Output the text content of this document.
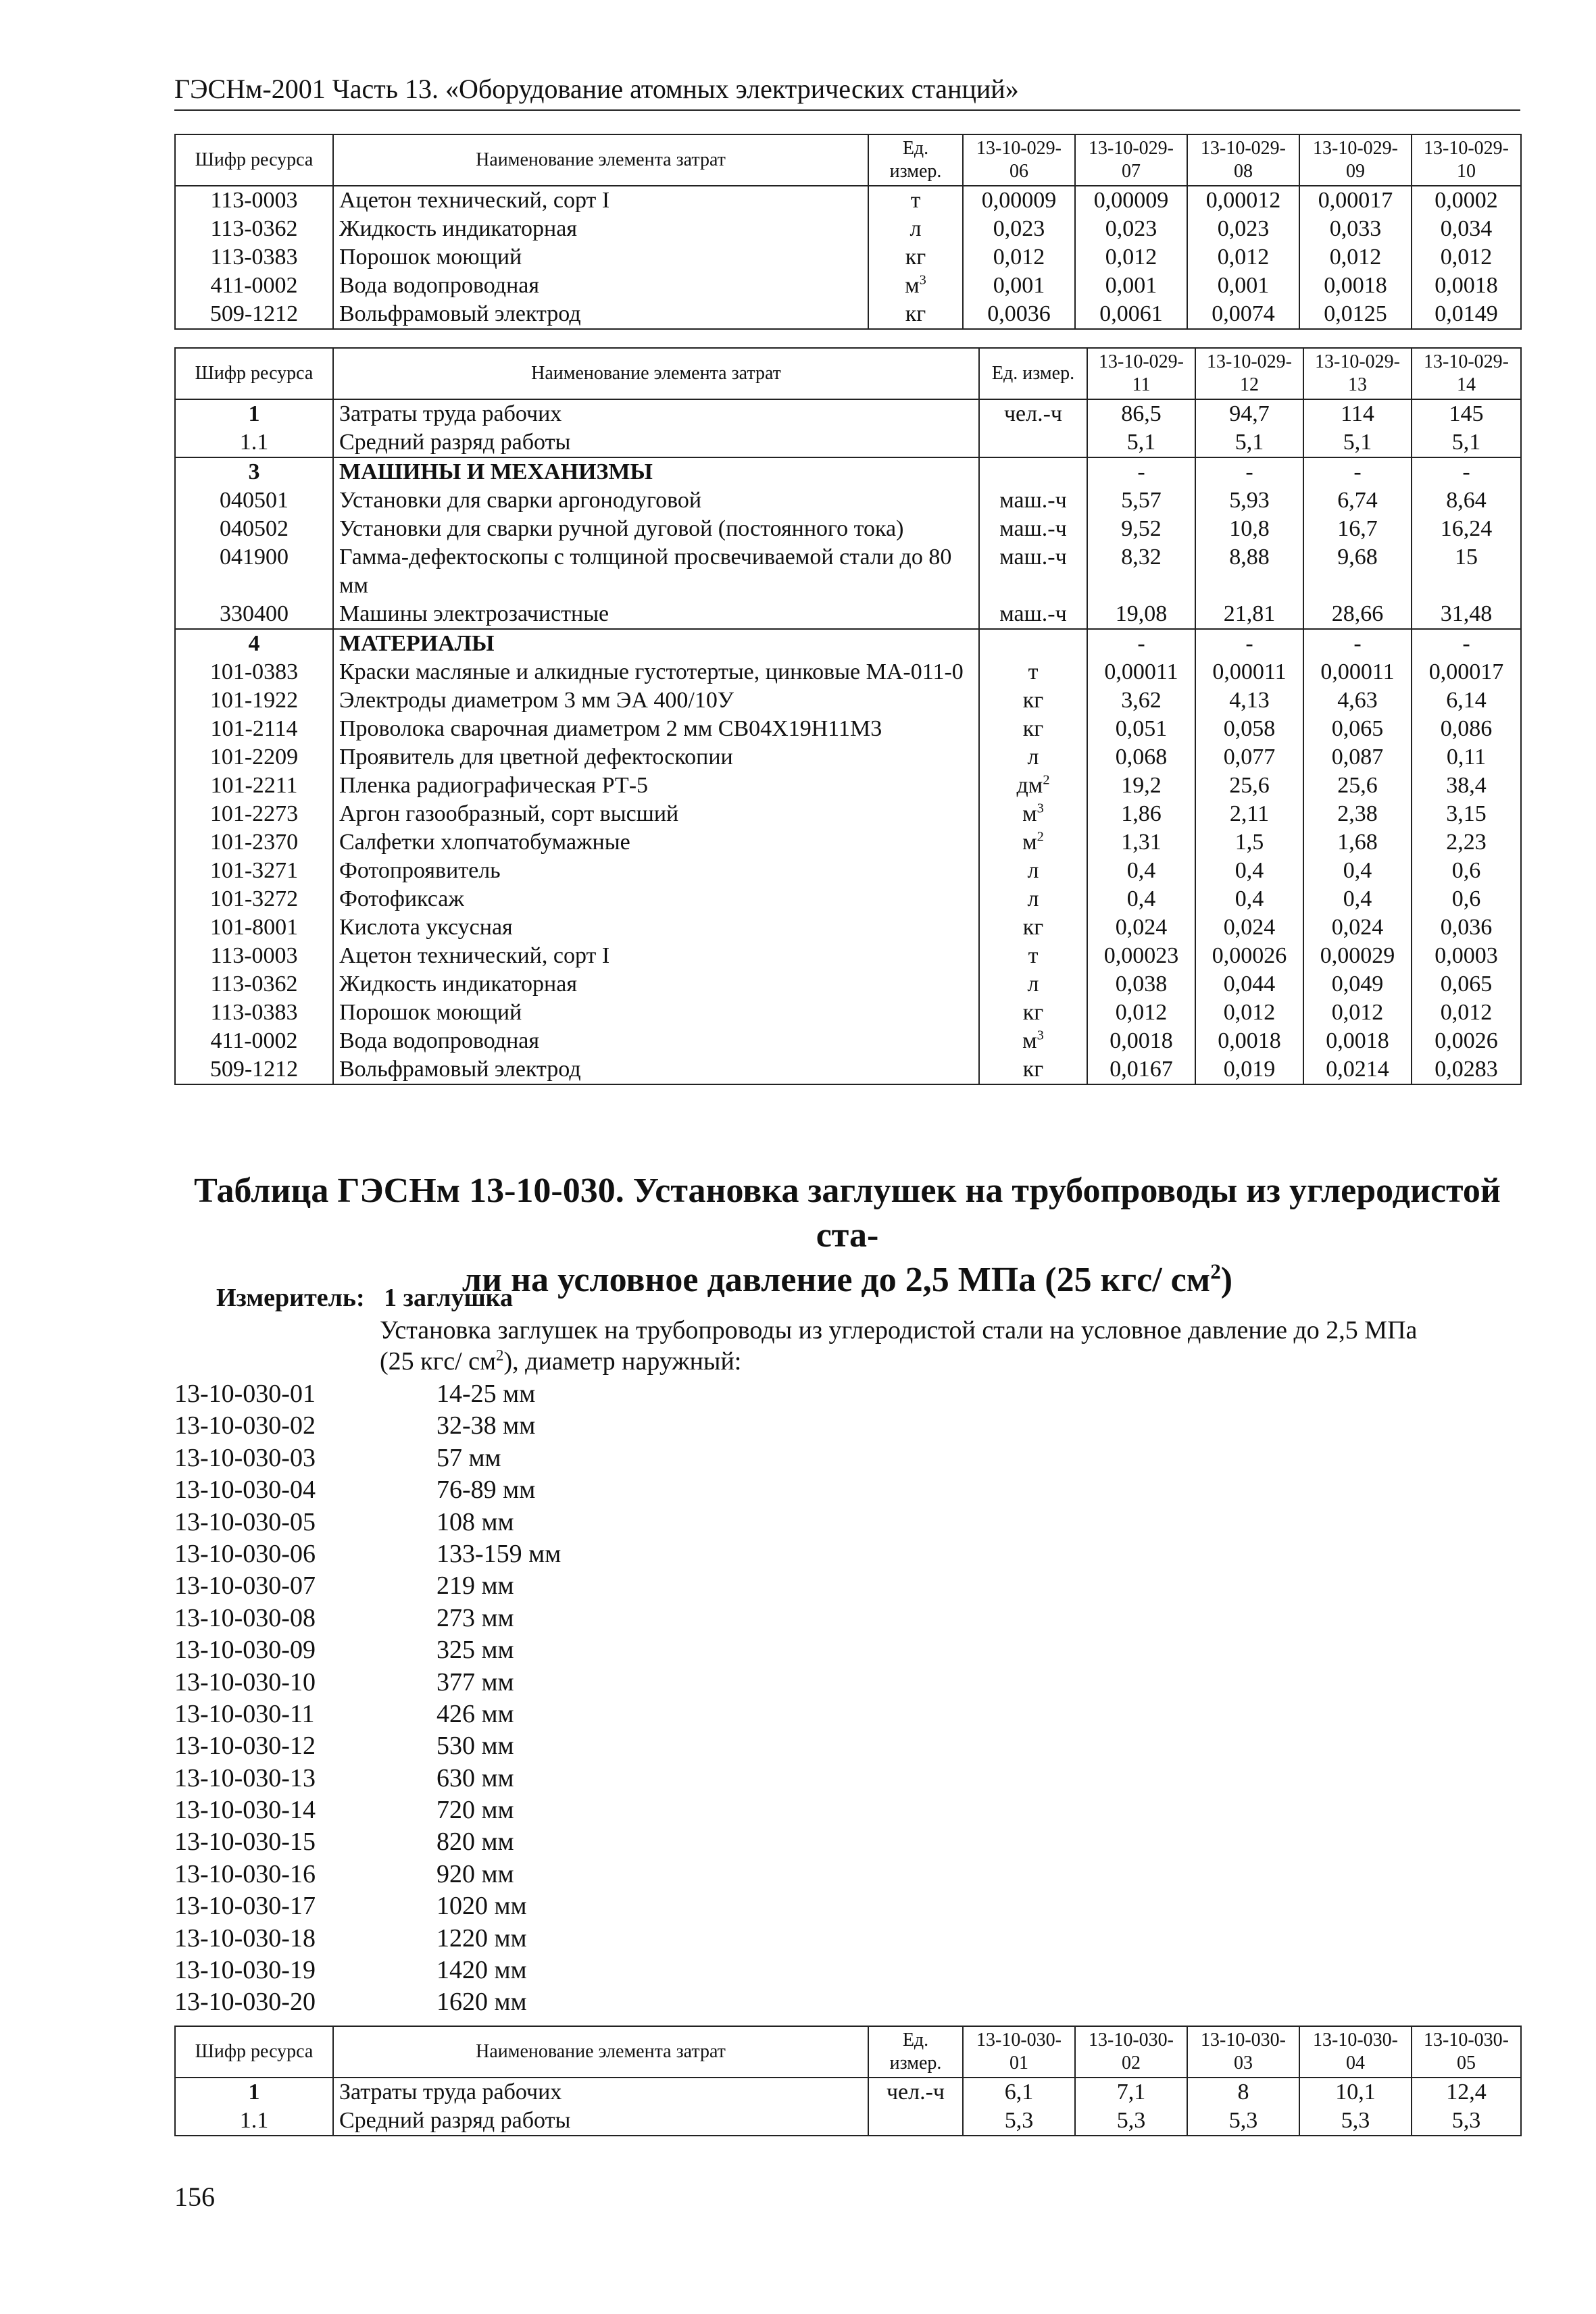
ГЭСНм-2001 Часть 13. «Оборудование атомных электрических станций»
Шифр ресурса	Наименование элемента затрат	Ед. измер.	13-10-029-06	13-10-029-07	13-10-029-08	13-10-029-09	13-10-029-10
113-0003	Ацетон технический, сорт I	т	0,00009	0,00009	0,00012	0,00017	0,0002
113-0362	Жидкость индикаторная	л	0,023	0,023	0,023	0,033	0,034
113-0383	Порошок моющий	кг	0,012	0,012	0,012	0,012	0,012
411-0002	Вода водопроводная	$м^3$	0,001	0,001	0,001	0,0018	0,0018
509-1212	Вольфрамовый электрод	кг	0,0036	0,0061	0,0074	0,0125	0,0149
Шифр ресурса	Наименование элемента затрат	Ед. измер.	13-10-029-11	13-10-029-12	13-10-029-13	13-10-029-14
1	Затраты труда рабочих	чел.-ч	86,5	94,7	114	145
1.1	Средний разряд работы		5,1	5,1	5,1	5,1
3	МАШИНЫ И МЕХАНИЗМЫ		-	-	-	-
040501	Установки для сварки аргонодуговой	маш.-ч	5,57	5,93	6,74	8,64
040502	Установки для сварки ручной дуговой (постоянного тока)	маш.-ч	9,52	10,8	16,7	16,24
041900	Гамма-дефектоскопы с толщиной просвечиваемой стали до 80 мм	маш.-ч	8,32	8,88	9,68	15
330400	Машины электрозачистные	маш.-ч	19,08	21,81	28,66	31,48
4	МАТЕРИАЛЫ		-	-	-	-
101-0383	Краски масляные и алкидные густотертые, цинковые МА-011-0	т	0,00011	0,00011	0,00011	0,00017
101-1922	Электроды диаметром 3 мм ЭА 400/10У	кг	3,62	4,13	4,63	6,14
101-2114	Проволока сварочная диаметром 2 мм СВ04Х19Н11М3	кг	0,051	0,058	0,065	0,086
101-2209	Проявитель для цветной дефектоскопии	л	0,068	0,077	0,087	0,11
101-2211	Пленка радиографическая РТ-5	$дм^2$	19,2	25,6	25,6	38,4
101-2273	Аргон газообразный, сорт высший	$м^3$	1,86	2,11	2,38	3,15
101-2370	Салфетки хлопчатобумажные	$м^2$	1,31	1,5	1,68	2,23
101-3271	Фотопроявитель	л	0,4	0,4	0,4	0,6
101-3272	Фотофиксаж	л	0,4	0,4	0,4	0,6
101-8001	Кислота уксусная	кг	0,024	0,024	0,024	0,036
113-0003	Ацетон технический, сорт I	т	0,00023	0,00026	0,00029	0,0003
113-0362	Жидкость индикаторная	л	0,038	0,044	0,049	0,065
113-0383	Порошок моющий	кг	0,012	0,012	0,012	0,012
411-0002	Вода водопроводная	$м^3$	0,0018	0,0018	0,0018	0,0026
509-1212	Вольфрамовый электрод	кг	0,0167	0,019	0,0214	0,0283
Таблица ГЭСНм 13-10-030. Установка заглушек на трубопроводы из углеродистой ста-
ли на условное давление до 2,5 МПа (25 кгс/ $см^2$)
Измеритель:   1 заглушка
Установка заглушек на трубопроводы из углеродистой стали на условное давление до 2,5 МПа
(25 кгс/ $см^2$), диаметр наружный:
13-10-030-01	14-25 мм
13-10-030-02	32-38 мм
13-10-030-03	57 мм
13-10-030-04	76-89 мм
13-10-030-05	108 мм
13-10-030-06	133-159 мм
13-10-030-07	219 мм
13-10-030-08	273 мм
13-10-030-09	325 мм
13-10-030-10	377 мм
13-10-030-11	426 мм
13-10-030-12	530 мм
13-10-030-13	630 мм
13-10-030-14	720 мм
13-10-030-15	820 мм
13-10-030-16	920 мм
13-10-030-17	1020 мм
13-10-030-18	1220 мм
13-10-030-19	1420 мм
13-10-030-20	1620 мм
Шифр ресурса	Наименование элемента затрат	Ед. измер.	13-10-030-01	13-10-030-02	13-10-030-03	13-10-030-04	13-10-030-05
1	Затраты труда рабочих	чел.-ч	6,1	7,1	8	10,1	12,4
1.1	Средний разряд работы		5,3	5,3	5,3	5,3	5,3
156
